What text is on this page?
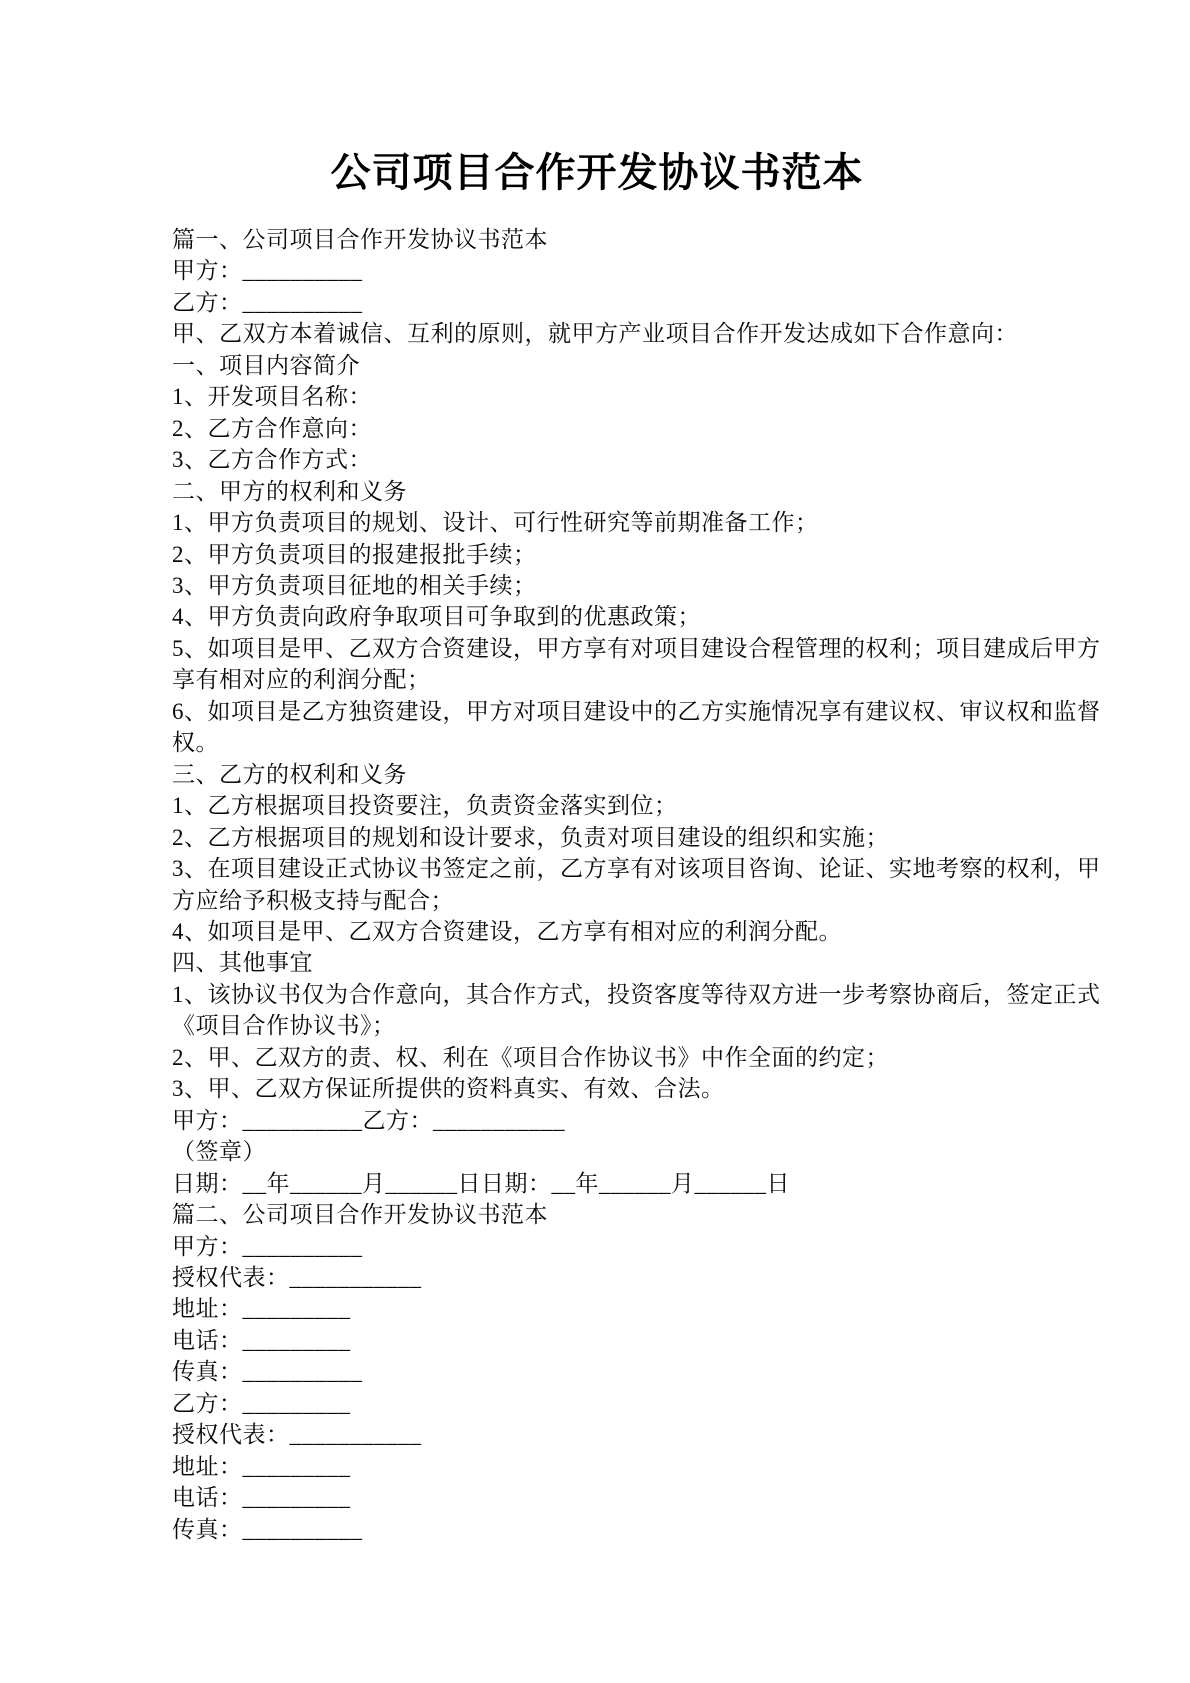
公司项目合作开发协议书范本
篇一、公司项目合作开发协议书范本
甲方：__________
乙方：__________
甲、乙双方本着诚信、互利的原则，就甲方产业项目合作开发达成如下合作意向：
一、项目内容简介
1、开发项目名称：
2、乙方合作意向：
3、乙方合作方式：
二、甲方的权利和义务
1、甲方负责项目的规划、设计、可行性研究等前期准备工作；
2、甲方负责项目的报建报批手续；
3、甲方负责项目征地的相关手续；
4、甲方负责向政府争取项目可争取到的优惠政策；
5、如项目是甲、乙双方合资建设，甲方享有对项目建设合程管理的权利；项目建成后甲方
享有相对应的利润分配；
6、如项目是乙方独资建设，甲方对项目建设中的乙方实施情况享有建议权、审议权和监督
权。
三、乙方的权利和义务
1、乙方根据项目投资要注，负责资金落实到位；
2、乙方根据项目的规划和设计要求，负责对项目建设的组织和实施；
3、在项目建设正式协议书签定之前，乙方享有对该项目咨询、论证、实地考察的权利，甲
方应给予积极支持与配合；
4、如项目是甲、乙双方合资建设，乙方享有相对应的利润分配。
四、其他事宜
1、该协议书仅为合作意向，其合作方式，投资客度等待双方进一步考察协商后，签定正式
《项目合作协议书》；
2、甲、乙双方的责、权、利在《项目合作协议书》中作全面的约定；
3、甲、乙双方保证所提供的资料真实、有效、合法。
甲方：__________乙方：___________
（签章）
日期：__年______月______日日期：__年______月______日
篇二、公司项目合作开发协议书范本
甲方：__________
授权代表：___________
地址：_________
电话：_________
传真：__________
乙方：_________
授权代表：___________
地址：_________
电话：_________
传真：__________
